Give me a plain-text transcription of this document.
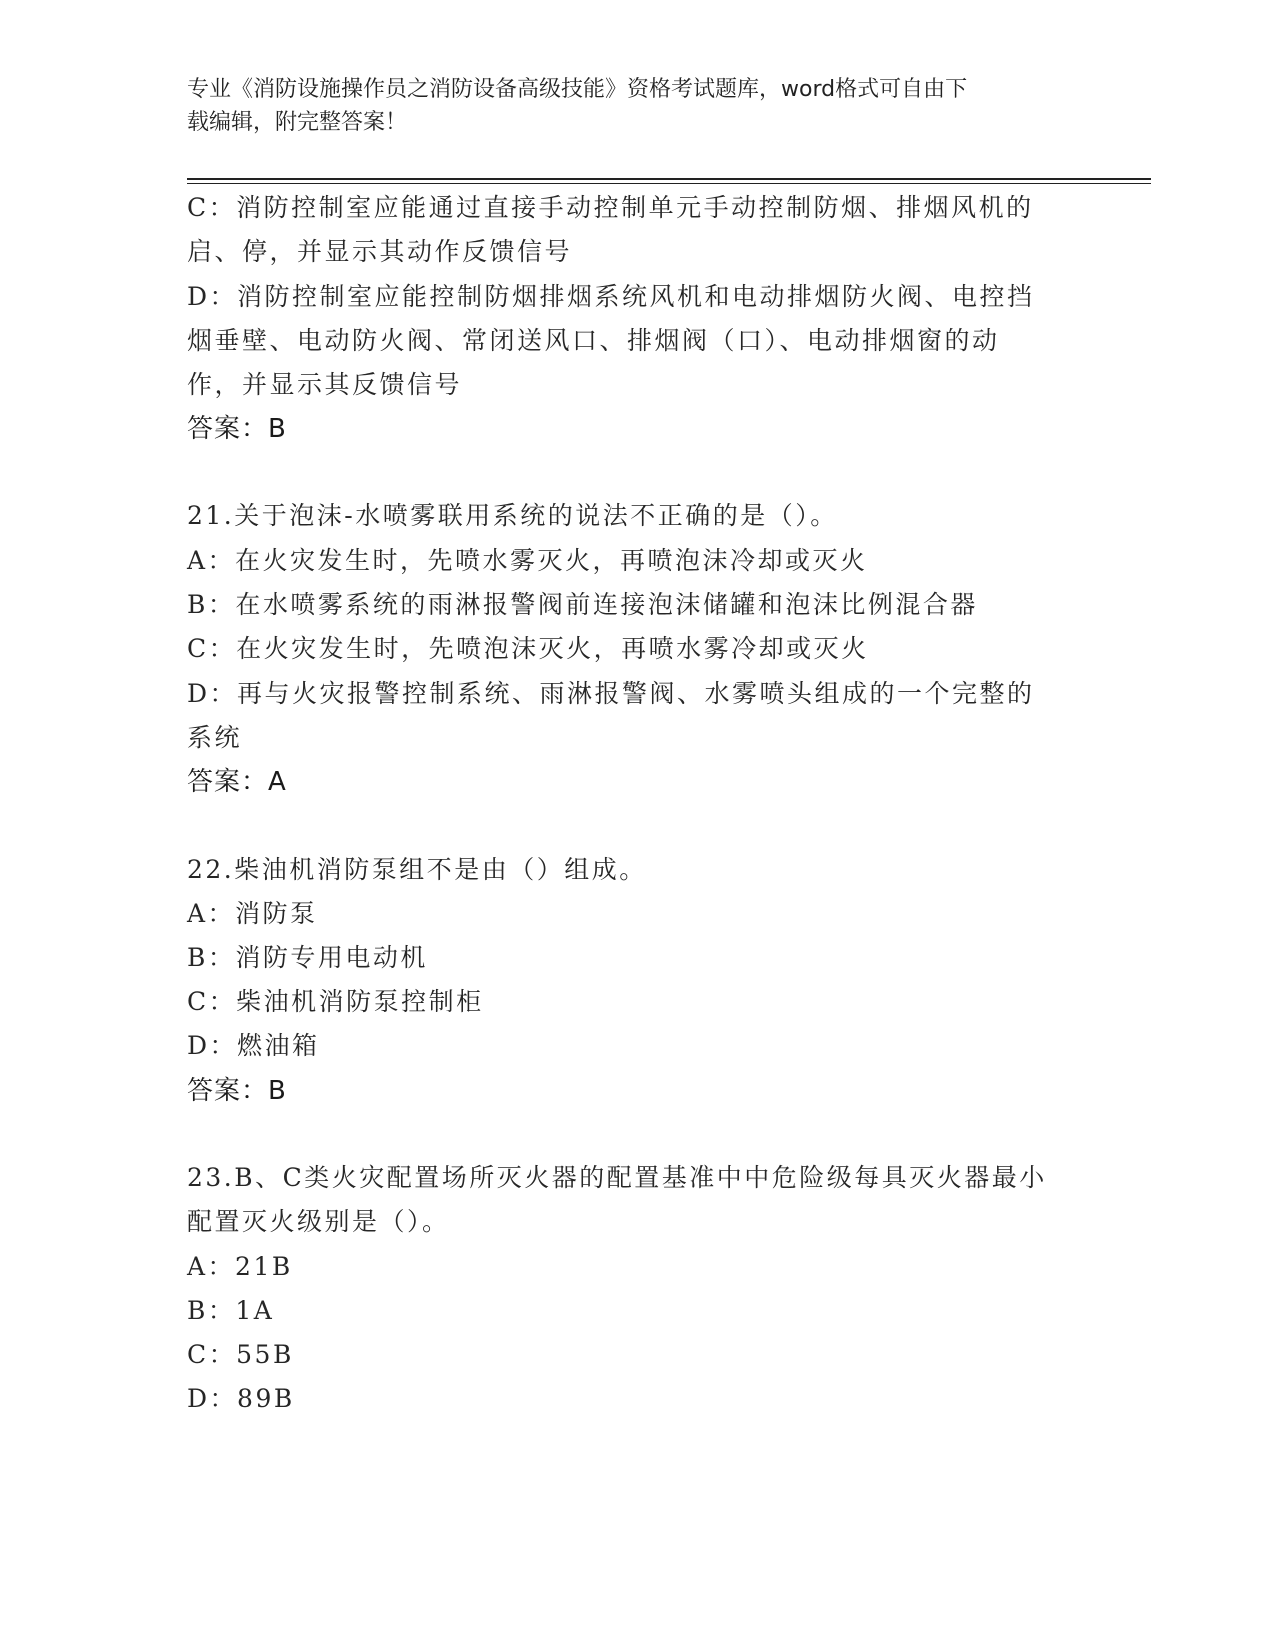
专业《消防设施操作员之消防设备高级技能》资格考试题库，word格式可自由下
载编辑，附完整答案！
C：消防控制室应能通过直接手动控制单元手动控制防烟、排烟风机的
启、停，并显示其动作反馈信号
D：消防控制室应能控制防烟排烟系统风机和电动排烟防火阀、电控挡
烟垂壁、电动防火阀、常闭送风口、排烟阀（口）、电动排烟窗的动
作，并显示其反馈信号
答案：B
21.关于泡沫-水喷雾联用系统的说法不正确的是（）。
A：在火灾发生时，先喷水雾灭火，再喷泡沫冷却或灭火
B：在水喷雾系统的雨淋报警阀前连接泡沫储罐和泡沫比例混合器
C：在火灾发生时，先喷泡沫灭火，再喷水雾冷却或灭火
D：再与火灾报警控制系统、雨淋报警阀、水雾喷头组成的一个完整的
系统
答案：A
22.柴油机消防泵组不是由（）组成。
A：消防泵
B：消防专用电动机
C：柴油机消防泵控制柜
D：燃油箱
答案：B
23.B、C类火灾配置场所灭火器的配置基准中中危险级每具灭火器最小
配置灭火级别是（）。
A：21B
B：1A
C：55B
D：89B
